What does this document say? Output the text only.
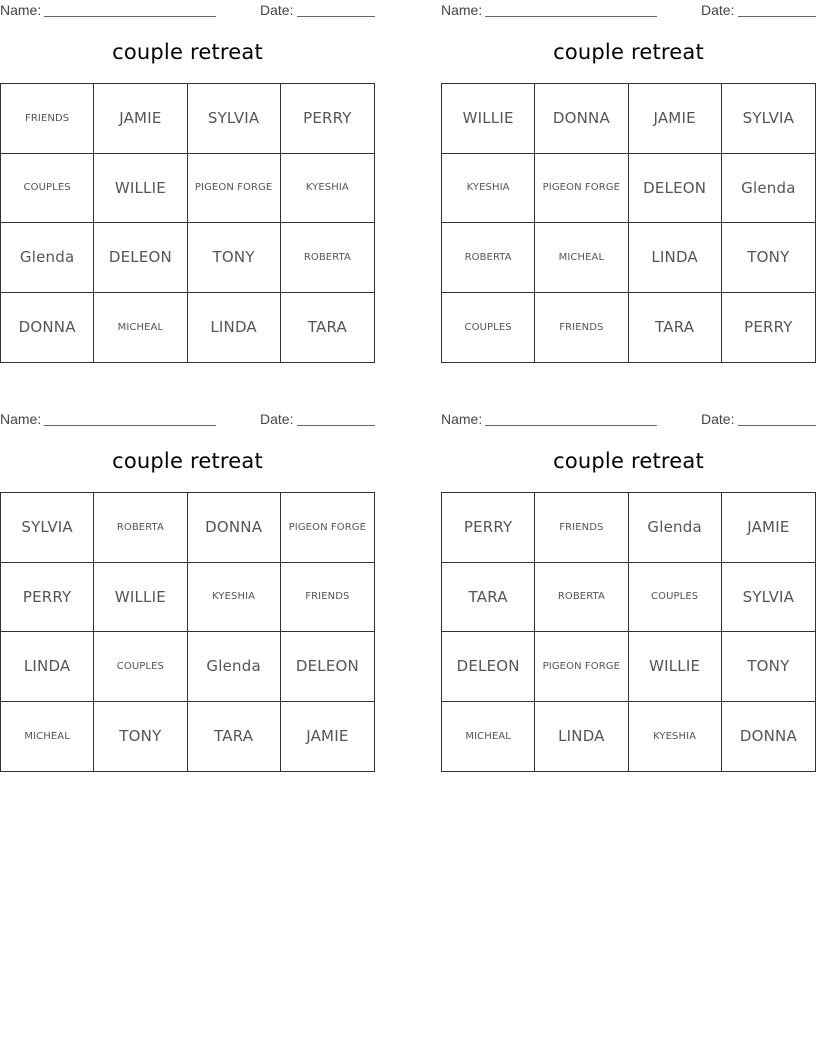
Name:	Date:
couple retreat
FRIENDS	JAMIE	SYLVIA	PERRY
COUPLES	WILLIE	PIGEON FORGE	KYESHIA
Glenda	DELEON	TONY	ROBERTA
DONNA	MICHEAL	LINDA	TARA
Name:	Date:
couple retreat
WILLIE	DONNA	JAMIE	SYLVIA
KYESHIA	PIGEON FORGE	DELEON	Glenda
ROBERTA	MICHEAL	LINDA	TONY
COUPLES	FRIENDS	TARA	PERRY
Name:	Date:
couple retreat
SYLVIA	ROBERTA	DONNA	PIGEON FORGE
PERRY	WILLIE	KYESHIA	FRIENDS
LINDA	COUPLES	Glenda	DELEON
MICHEAL	TONY	TARA	JAMIE
Name:	Date:
couple retreat
PERRY	FRIENDS	Glenda	JAMIE
TARA	ROBERTA	COUPLES	SYLVIA
DELEON	PIGEON FORGE	WILLIE	TONY
MICHEAL	LINDA	KYESHIA	DONNA
